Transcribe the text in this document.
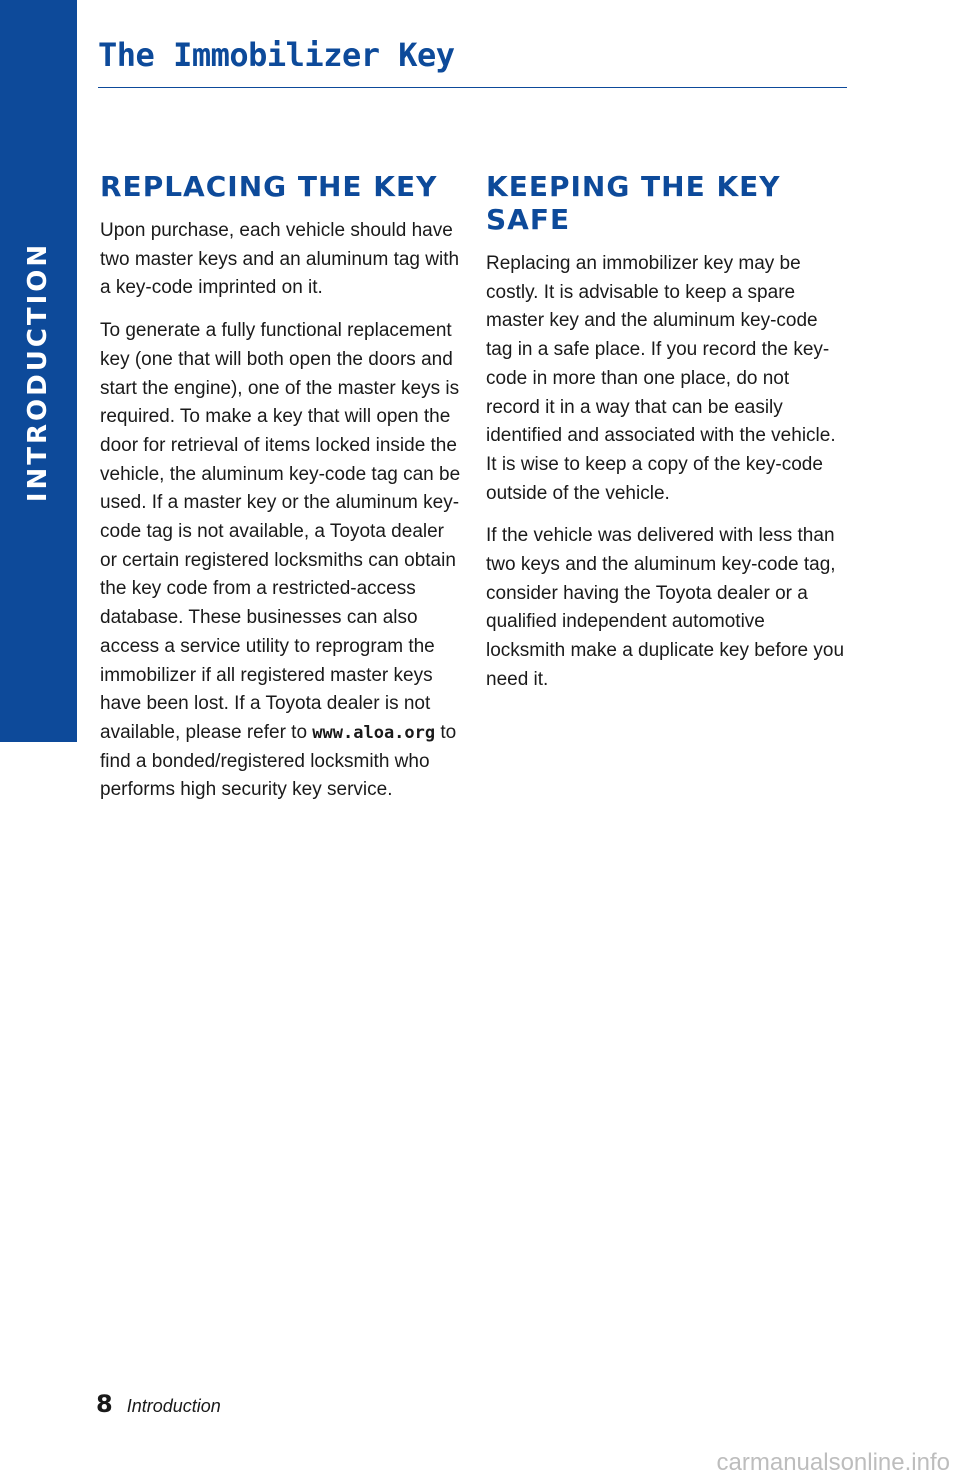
INTRODUCTION
The Immobilizer Key
REPLACING THE KEY

Upon purchase, each vehicle should have two master keys and an aluminum tag with a key-code imprinted on it.

To generate a fully functional replacement key (one that will both open the doors and start the engine), one of the master keys is required. To make a key that will open the door for retrieval of items locked inside the vehicle, the aluminum key-code tag can be used. If a master key or the aluminum key-code tag is not available, a Toyota dealer or certain registered locksmiths can obtain the key code from a restricted-access database. These businesses can also access a service utility to reprogram the immobilizer if all registered master keys have been lost. If a Toyota dealer is not available, please refer to www.aloa.org to find a bonded/registered locksmith who performs high security key service.

KEEPING THE KEY SAFE

Replacing an immobilizer key may be costly. It is advisable to keep a spare master key and the aluminum key-code tag in a safe place. If you record the key-code in more than one place, do not record it in a way that can be easily identified and associated with the vehicle. It is wise to keep a copy of the key-code outside of the vehicle.

If the vehicle was delivered with less than two keys and the aluminum key-code tag, consider having the Toyota dealer or a qualified independent automotive locksmith make a duplicate key before you need it.

8 Introduction
carmanualsonline.info
